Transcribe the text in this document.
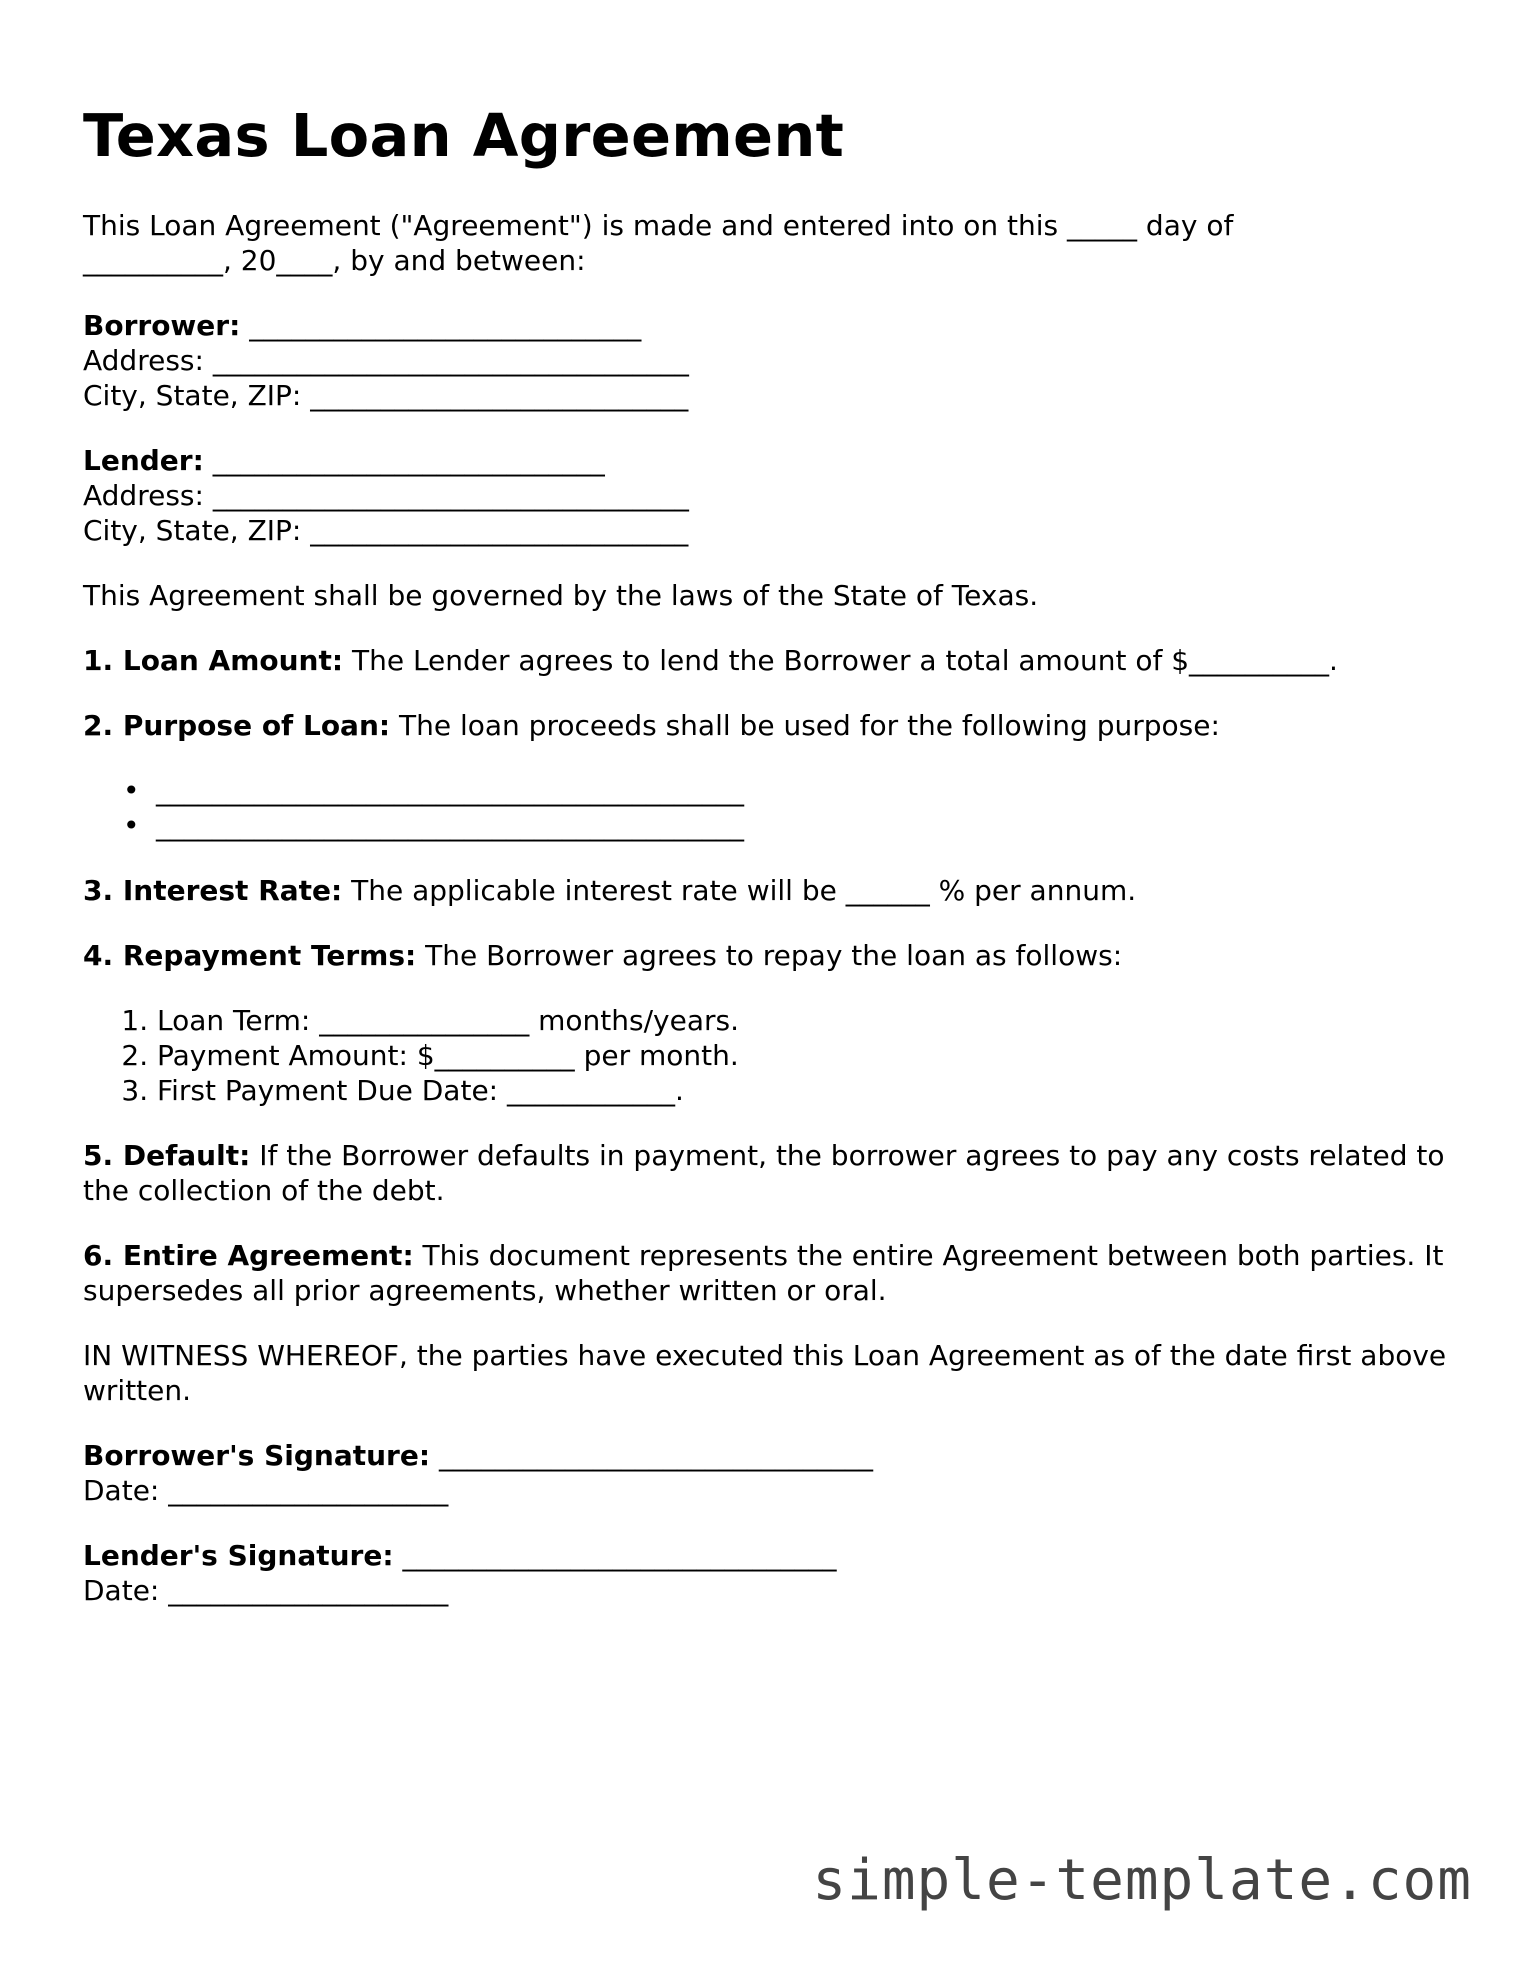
Texas Loan Agreement

This Loan Agreement ("Agreement") is made and entered into on this _____ day of

__________, 20____, by and between:

Borrower: ____________________________

Address: __________________________________

City, State, ZIP: ___________________________

Lender: ____________________________

Address: __________________________________

City, State, ZIP: ___________________________

This Agreement shall be governed by the laws of the State of Texas.

1. Loan Amount: The Lender agrees to lend the Borrower a total amount of $__________.

2. Purpose of Loan: The loan proceeds shall be used for the following purpose:

• __________________________________________
• __________________________________________

3. Interest Rate: The applicable interest rate will be ______ % per annum.

4. Repayment Terms: The Borrower agrees to repay the loan as follows:

1. Loan Term: _______________ months/years.
2. Payment Amount: $__________ per month.
3. First Payment Due Date: ____________.

5. Default: If the Borrower defaults in payment, the borrower agrees to pay any costs related to the collection of the debt.

6. Entire Agreement: This document represents the entire Agreement between both parties. It supersedes all prior agreements, whether written or oral.

IN WITNESS WHEREOF, the parties have executed this Loan Agreement as of the date first above written.

Borrower's Signature: _______________________________

Date: ____________________

Lender's Signature: _______________________________

Date: ____________________

simple-template.com
